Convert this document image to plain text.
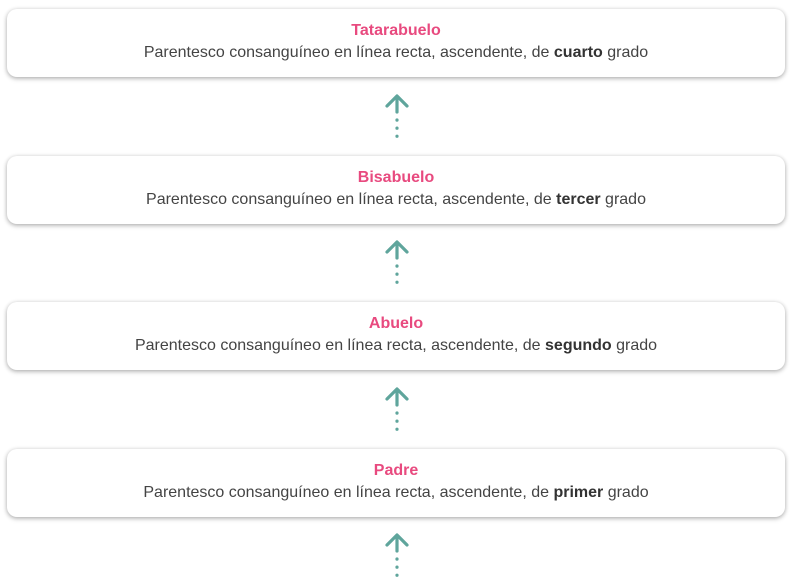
Tatarabuelo
Parentesco consanguíneo en línea recta, ascendente, de cuarto grado
Bisabuelo
Parentesco consanguíneo en línea recta, ascendente, de tercer grado
Abuelo
Parentesco consanguíneo en línea recta, ascendente, de segundo grado
Padre
Parentesco consanguíneo en línea recta, ascendente, de primer grado
